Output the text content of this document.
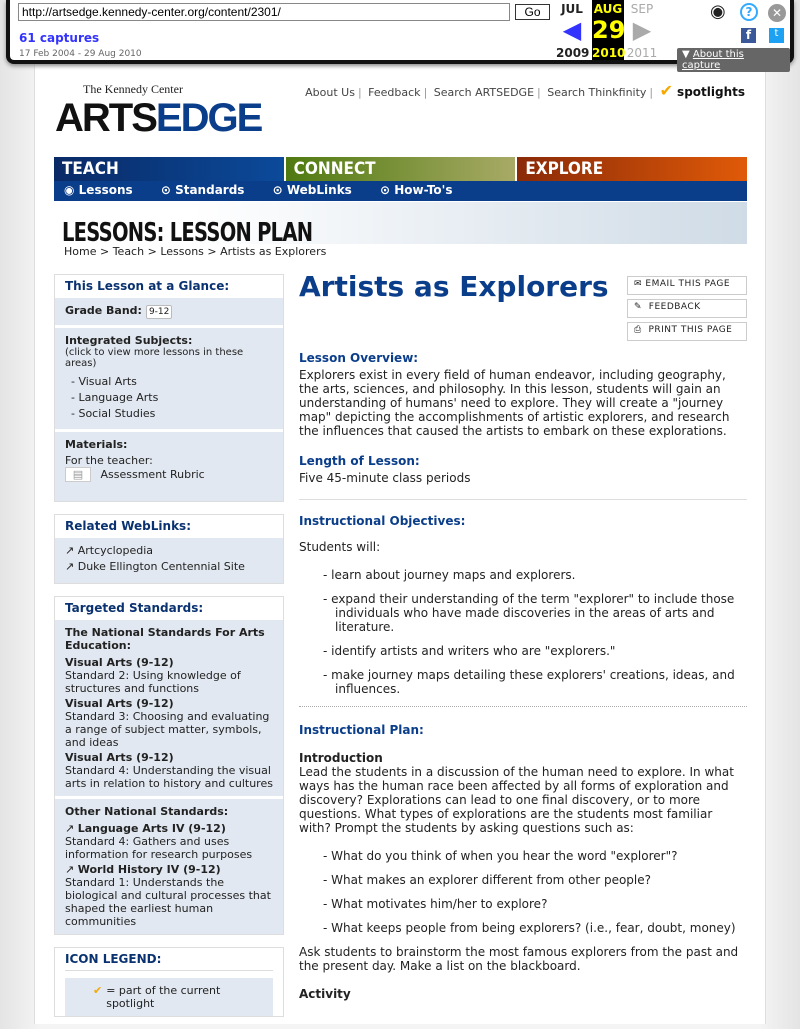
http://artsedge.kennedy-center.org/content/2301/
Go
61 captures
17 Feb 2004 - 29 Aug 2010
JUL
◀
2009
AUG
29
2010
SEP
▶
2011
◉	?	✕
f	t
▼ About this capture
The Kennedy Center
ARTSEDGE
About Us | Feedback | Search ARTSEDGE | Search Thinkfinity | ✔ spotlights
TEACH	CONNECT	EXPLORE
◉ Lessons ⊙ Standards ⊙ WebLinks ⊙ How-To's
LESSONS: LESSON PLAN
Home > Teach > Lessons > Artists as Explorers
This Lesson at a Glance:
Grade Band: 9-12
Integrated Subjects:
(click to view more lessons in these areas)
- Visual Arts
- Language Arts
- Social Studies
Materials:
For the teacher:
▤ Assessment Rubric
Related WebLinks:
↗ Artcyclopedia
↗ Duke Ellington Centennial Site
Targeted Standards:
The National Standards For Arts Education:
Visual Arts (9-12)
Standard 2: Using knowledge of structures and functions
Visual Arts (9-12)
Standard 3: Choosing and evaluating a range of subject matter, symbols, and ideas
Visual Arts (9-12)
Standard 4: Understanding the visual arts in relation to history and cultures
Other National Standards:
↗ Language Arts IV (9-12)
Standard 4: Gathers and uses information for research purposes
↗ World History IV (9-12)
Standard 1: Understands the biological and cultural processes that shaped the earliest human communities
ICON LEGEND:
✔ = part of the current spotlight
Artists as Explorers	✉ EMAIL THIS PAGE
✎ FEEDBACK
⎙ PRINT THIS PAGE
Lesson Overview:
Explorers exist in every field of human endeavor, including geography, the arts, sciences, and philosophy. In this lesson, students will gain an understanding of humans' need to explore. They will create a "journey map" depicting the accomplishments of artistic explorers, and research the influences that caused the artists to embark on these explorations.
Length of Lesson:
Five 45-minute class periods
Instructional Objectives:
Students will:
- learn about journey maps and explorers.
- expand their understanding of the term "explorer" to include those individuals who have made discoveries in the areas of arts and literature.
- identify artists and writers who are "explorers."
- make journey maps detailing these explorers' creations, ideas, and influences.
Instructional Plan:
Introduction
Lead the students in a discussion of the human need to explore. In what ways has the human race been affected by all forms of exploration and discovery? Explorations can lead to one final discovery, or to more questions. What types of explorations are the students most familiar with? Prompt the students by asking questions such as:
- What do you think of when you hear the word "explorer"?
- What makes an explorer different from other people?
- What motivates him/her to explore?
- What keeps people from being explorers? (i.e., fear, doubt, money)
Ask students to brainstorm the most famous explorers from the past and the present day. Make a list on the blackboard.
Activity
